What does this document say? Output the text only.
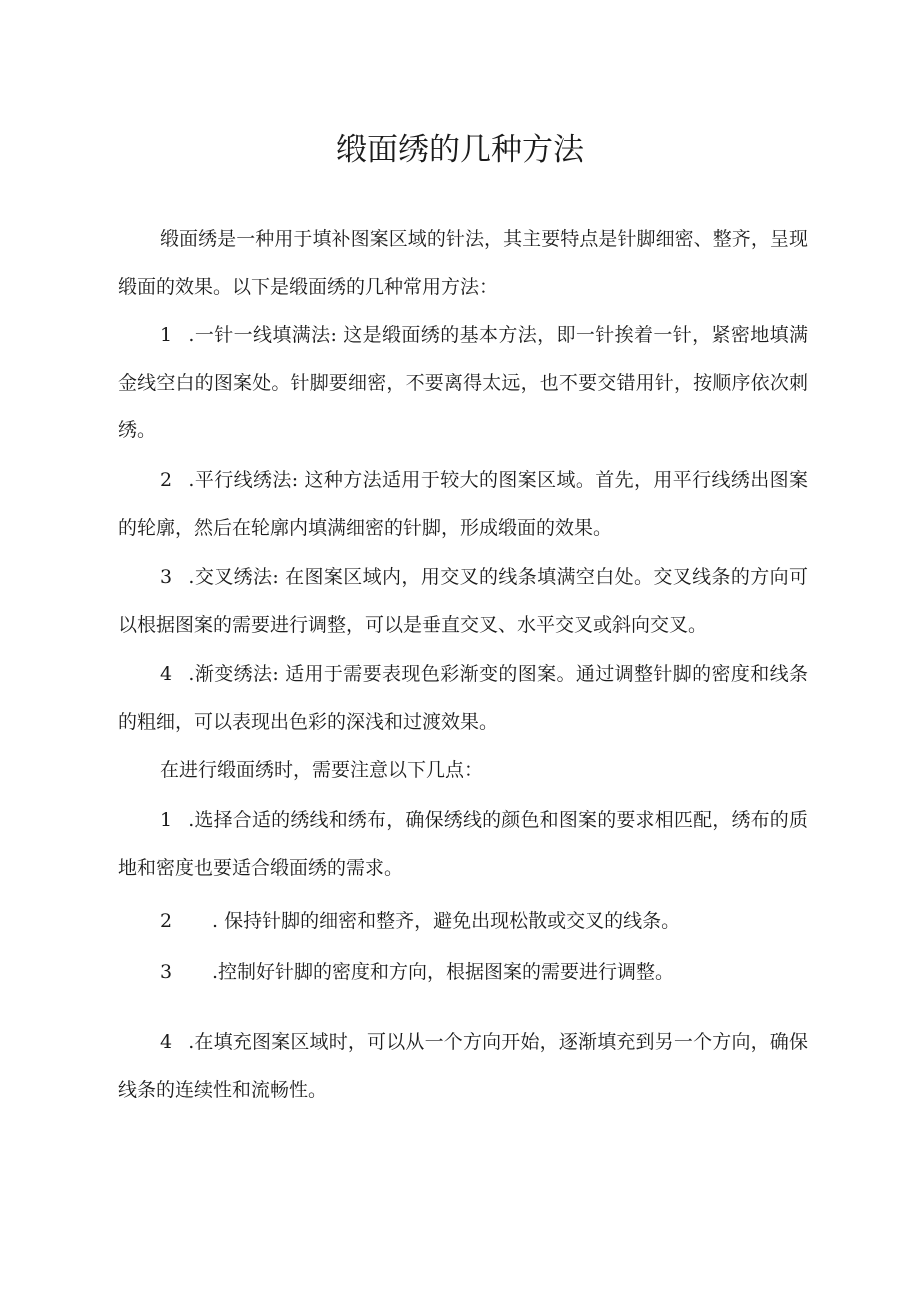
缎面绣的几种方法

缎面绣是一种用于填补图案区域的针法，其主要特点是针脚细密、整齐，呈现缎面的效果。以下是缎面绣的几种常用方法：

1 .一针一线填满法: 这是缎面绣的基本方法，即一针挨着一针，紧密地填满金线空白的图案处。针脚要细密，不要离得太远，也不要交错用针，按顺序依次刺绣。

2 .平行线绣法: 这种方法适用于较大的图案区域。首先，用平行线绣出图案的轮廓，然后在轮廓内填满细密的针脚，形成缎面的效果。

3 .交叉绣法: 在图案区域内，用交叉的线条填满空白处。交叉线条的方向可以根据图案的需要进行调整，可以是垂直交叉、水平交叉或斜向交叉。

4 .渐变绣法: 适用于需要表现色彩渐变的图案。通过调整针脚的密度和线条的粗细，可以表现出色彩的深浅和过渡效果。

在进行缎面绣时，需要注意以下几点：

1 .选择合适的绣线和绣布，确保绣线的颜色和图案的要求相匹配，绣布的质地和密度也要适合缎面绣的需求。

2 . 保持针脚的细密和整齐，避免出现松散或交叉的线条。

3 .控制好针脚的密度和方向，根据图案的需要进行调整。

4 .在填充图案区域时，可以从一个方向开始，逐渐填充到另一个方向，确保线条的连续性和流畅性。
